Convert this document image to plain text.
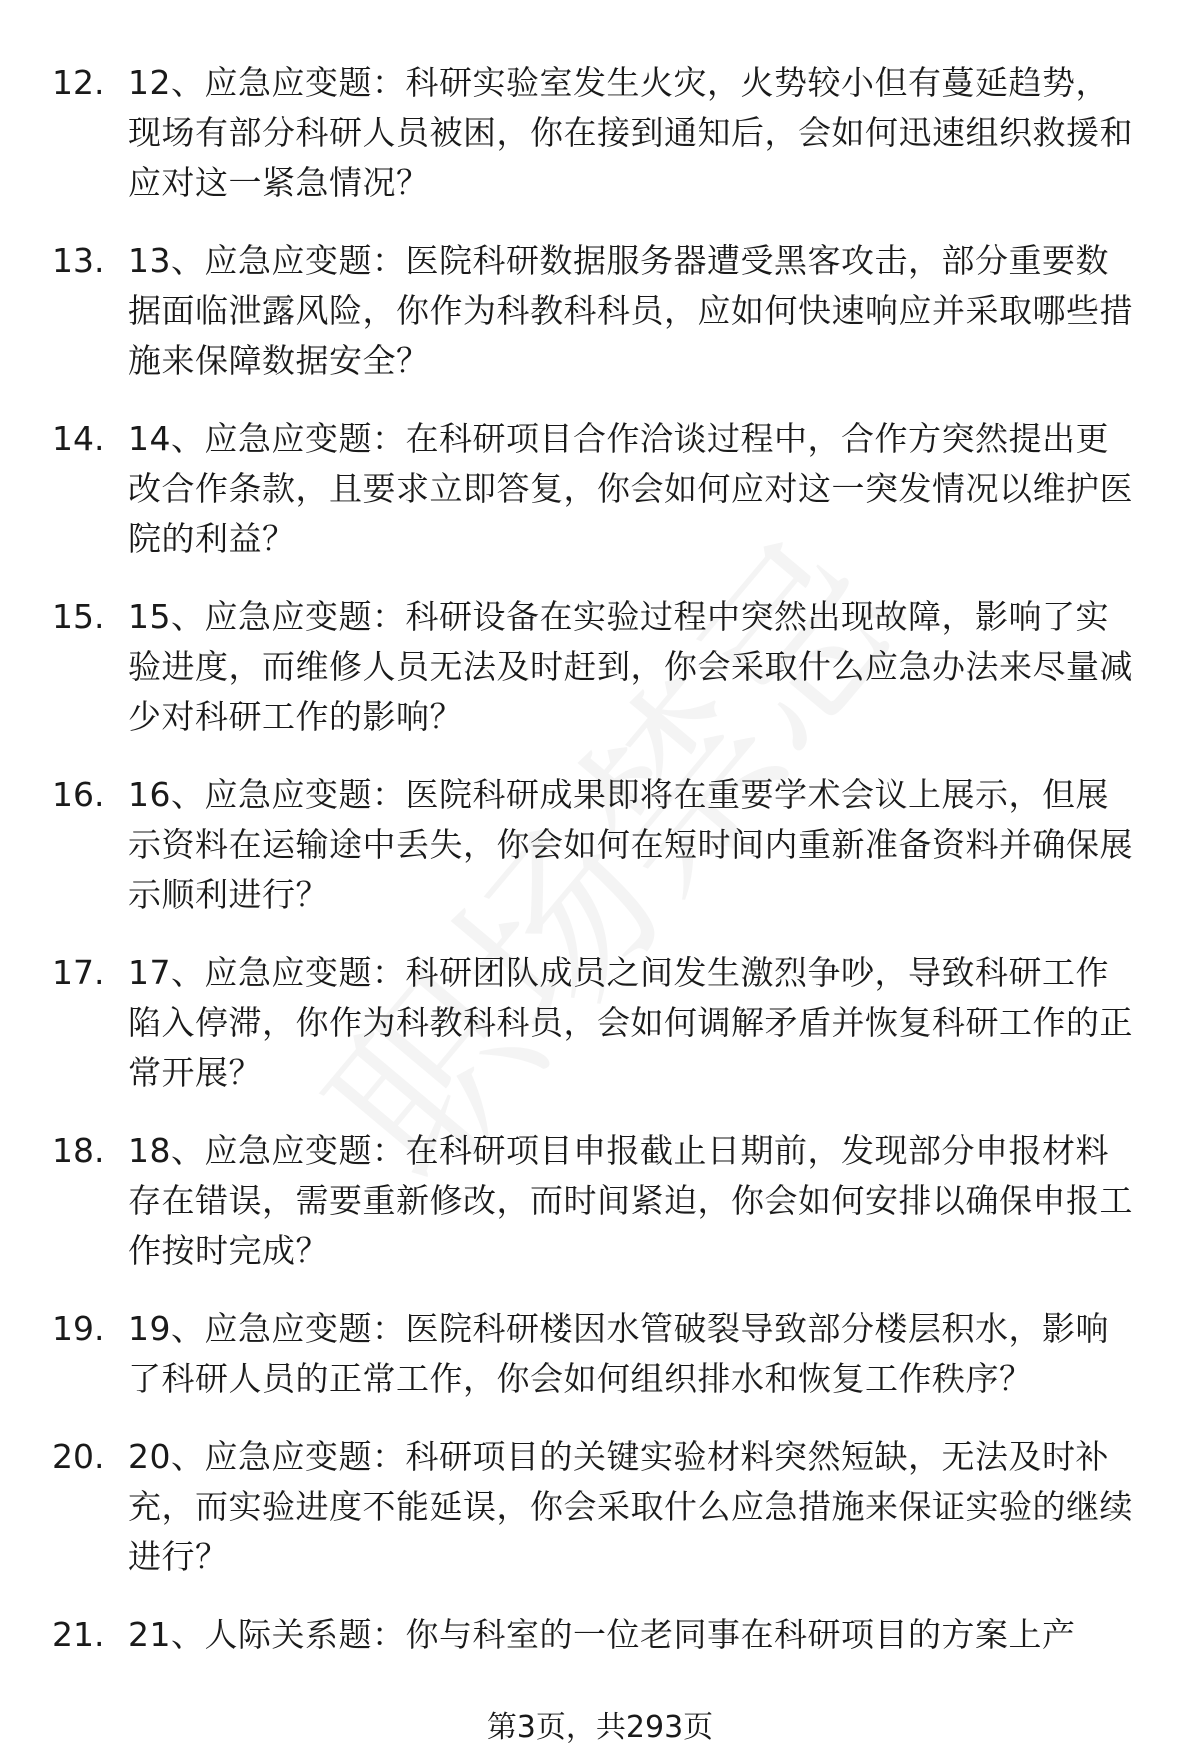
12. 12、应急应变题：科研实验室发生火灾，火势较小但有蔓延趋势，现场有部分科研人员被困，你在接到通知后，会如何迅速组织救援和应对这一紧急情况？
13. 13、应急应变题：医院科研数据服务器遭受黑客攻击，部分重要数据面临泄露风险，你作为科教科科员，应如何快速响应并采取哪些措施来保障数据安全？
14. 14、应急应变题：在科研项目合作洽谈过程中，合作方突然提出更改合作条款，且要求立即答复，你会如何应对这一突发情况以维护医院的利益？
15. 15、应急应变题：科研设备在实验过程中突然出现故障，影响了实验进度，而维修人员无法及时赶到，你会采取什么应急办法来尽量减少对科研工作的影响？
16. 16、应急应变题：医院科研成果即将在重要学术会议上展示，但展示资料在运输途中丢失，你会如何在短时间内重新准备资料并确保展示顺利进行？
17. 17、应急应变题：科研团队成员之间发生激烈争吵，导致科研工作陷入停滞，你作为科教科科员，会如何调解矛盾并恢复科研工作的正常开展？
18. 18、应急应变题：在科研项目申报截止日期前，发现部分申报材料存在错误，需要重新修改，而时间紧迫，你会如何安排以确保申报工作按时完成？
19. 19、应急应变题：医院科研楼因水管破裂导致部分楼层积水，影响了科研人员的正常工作，你会如何组织排水和恢复工作秩序？
20. 20、应急应变题：科研项目的关键实验材料突然短缺，无法及时补充，而实验进度不能延误，你会采取什么应急措施来保证实验的继续进行？
21. 21、人际关系题：你与科室的一位老同事在科研项目的方案上产
第3页，共293页
